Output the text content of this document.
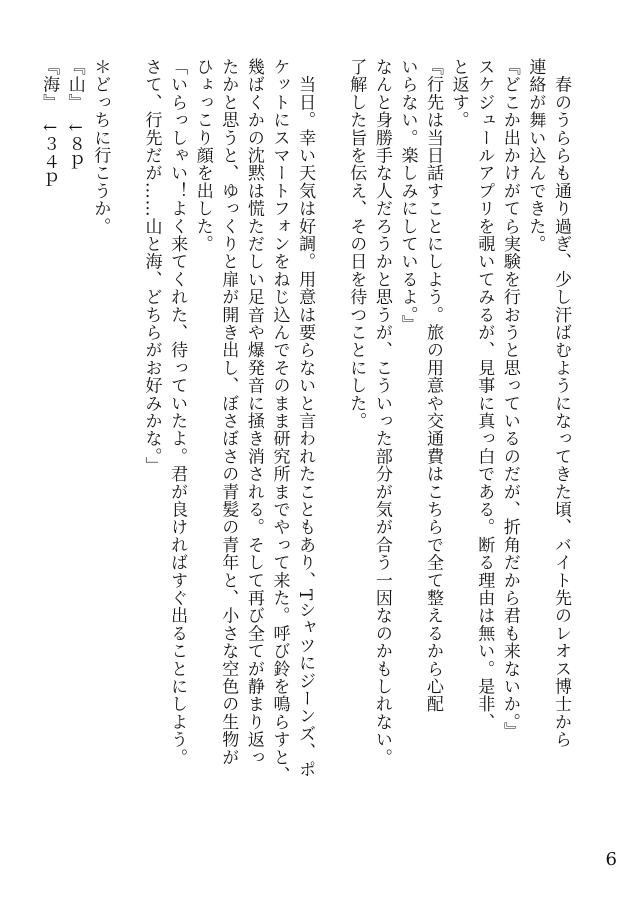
　春のうららも通り過ぎ、少し汗ばむようになってきた頃、バイト先のレオス博士から
連絡が舞い込んできた。
『どこか出かけがてら実験を行おうと思っているのだが、折角だから君も来ないか。』
スケジュールアプリを覗いてみるが、見事に真っ白である。断る理由は無い。是非、
と返す。
『行先は当日話すことにしよう。旅の用意や交通費はこちらで全て整えるから心配
いらない。楽しみにしているよ。』
なんと身勝手な人だろうかと思うが、こういった部分が気が合う一因なのかもしれない。
了解した旨を伝え、その日を待つことにした。
　当日。幸い天気は好調。用意は要らないと言われたこともあり、Tシャツにジーンズ、ポ
ケットにスマートフォンをねじ込んでそのまま研究所までやって来た。呼び鈴を鳴らすと、
幾ばくかの沈黙は慌ただしい足音や爆発音に掻き消される。そして再び全てが静まり返っ
たかと思うと、ゆっくりと扉が開き出し、ぼさぼさの青髪の青年と、小さな空色の生物が
ひょっこり顔を出した。
「いらっしゃい！よく来てくれた、待っていたよ。君が良ければすぐ出ることにしよう。
さて、行先だが……山と海、どちらがお好みかな。」
＊どっちに行こうか。
『山』　↓８ｐ
『海』　↓３４ｐ
6
